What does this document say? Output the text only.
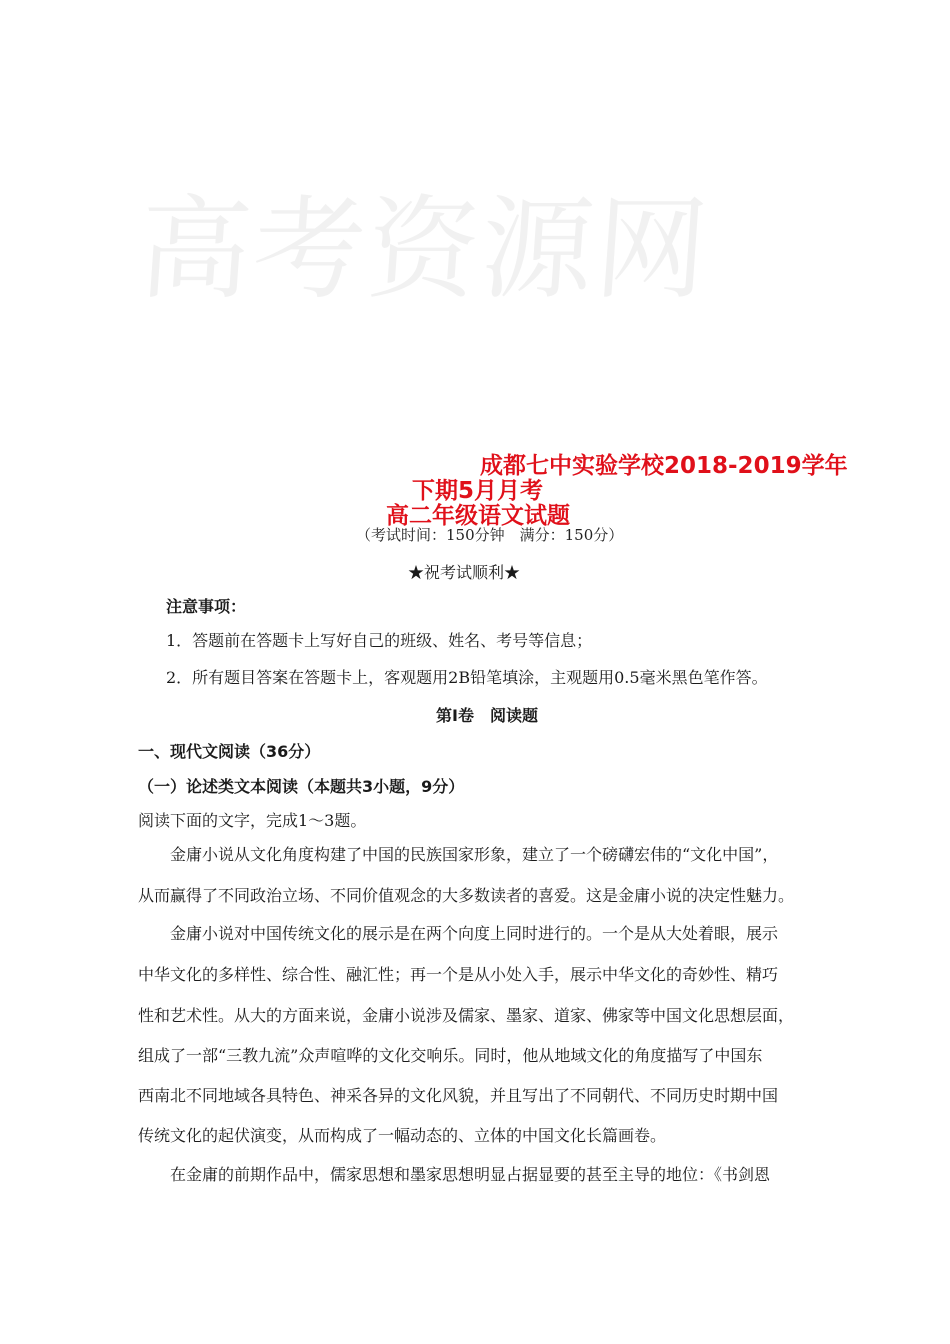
高考资源网
成都七中实验学校2018-2019学年
下期5月月考
高二年级语文试题
（考试时间：150分钟　满分：150分）
★祝考试顺利★
注意事项：
1．答题前在答题卡上写好自己的班级、姓名、考号等信息；
2．所有题目答案在答题卡上，客观题用2B铅笔填涂，主观题用0.5毫米黑色笔作答。
第Ⅰ卷　阅读题
一、现代文阅读（36分）
（一）论述类文本阅读（本题共3小题，9分）
阅读下面的文字，完成1～3题。
金庸小说从文化角度构建了中国的民族国家形象，建立了一个磅礴宏伟的“文化中国”，
从而赢得了不同政治立场、不同价值观念的大多数读者的喜爱。这是金庸小说的决定性魅力。
金庸小说对中国传统文化的展示是在两个向度上同时进行的。一个是从大处着眼，展示
中华文化的多样性、综合性、融汇性；再一个是从小处入手，展示中华文化的奇妙性、精巧
性和艺术性。从大的方面来说，金庸小说涉及儒家、墨家、道家、佛家等中国文化思想层面，
组成了一部“三教九流”众声喧哗的文化交响乐。同时，他从地域文化的角度描写了中国东
西南北不同地域各具特色、神采各异的文化风貌，并且写出了不同朝代、不同历史时期中国
传统文化的起伏演变，从而构成了一幅动态的、立体的中国文化长篇画卷。
在金庸的前期作品中，儒家思想和墨家思想明显占据显要的甚至主导的地位：《书剑恩
